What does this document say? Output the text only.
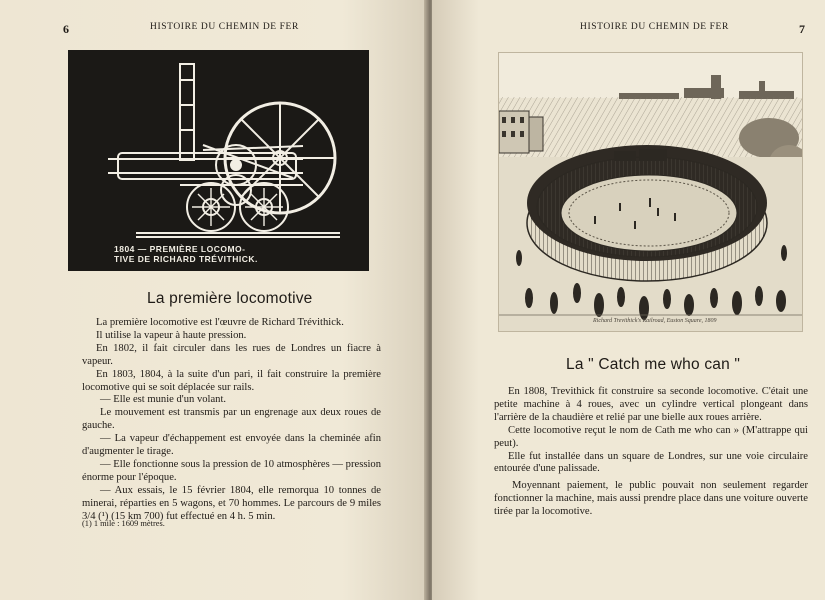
6	HISTOIRE DU CHEMIN DE FER
1804 — PREMIÈRE LOCOMO-
TIVE DE RICHARD TRÉVITHICK.
La première locomotive

La première locomotive est l'œuvre de Richard Trévithick.

Il utilise la vapeur à haute pression.

En 1802, il fait circuler dans les rues de Londres un fiacre à vapeur.

En 1803, 1804, à la suite d'un pari, il fait construire la première locomotive qui se soit déplacée sur rails.

— Elle est munie d'un volant.

Le mouvement est transmis par un engrenage aux deux roues de gauche.

— La vapeur d'échappement est envoyée dans la cheminée afin d'augmenter le tirage.

— Elle fonctionne sous la pression de 10 atmosphères — pression énorme pour l'époque.

— Aux essais, le 15 février 1804, elle remorqua 10 tonnes de minerai, réparties en 5 wagons, et 70 hommes. Le parcours de 9 miles 3/4 (¹) (15 km 700) fut effectué en 4 h. 5 min.

(1) 1 mile : 1609 mètres.
HISTOIRE DU CHEMIN DE FER	7
Richard Trevithick's Railroad, Euston Square, 1809
La " Catch me who can "

En 1808, Trevithick fit construire sa seconde locomotive. C'était une petite machine à 4 roues, avec un cylindre vertical plongeant dans l'arrière de la chaudière et relié par une bielle aux roues arrière.

Cette locomotive reçut le nom de Cath me who can » (M'attrappe qui peut).

Elle fut installée dans un square de Londres, sur une voie circulaire entourée d'une palissade.

Moyennant paiement, le public pouvait non seulement regarder fonctionner la machine, mais aussi prendre place dans une voiture ouverte tirée par la locomotive.
